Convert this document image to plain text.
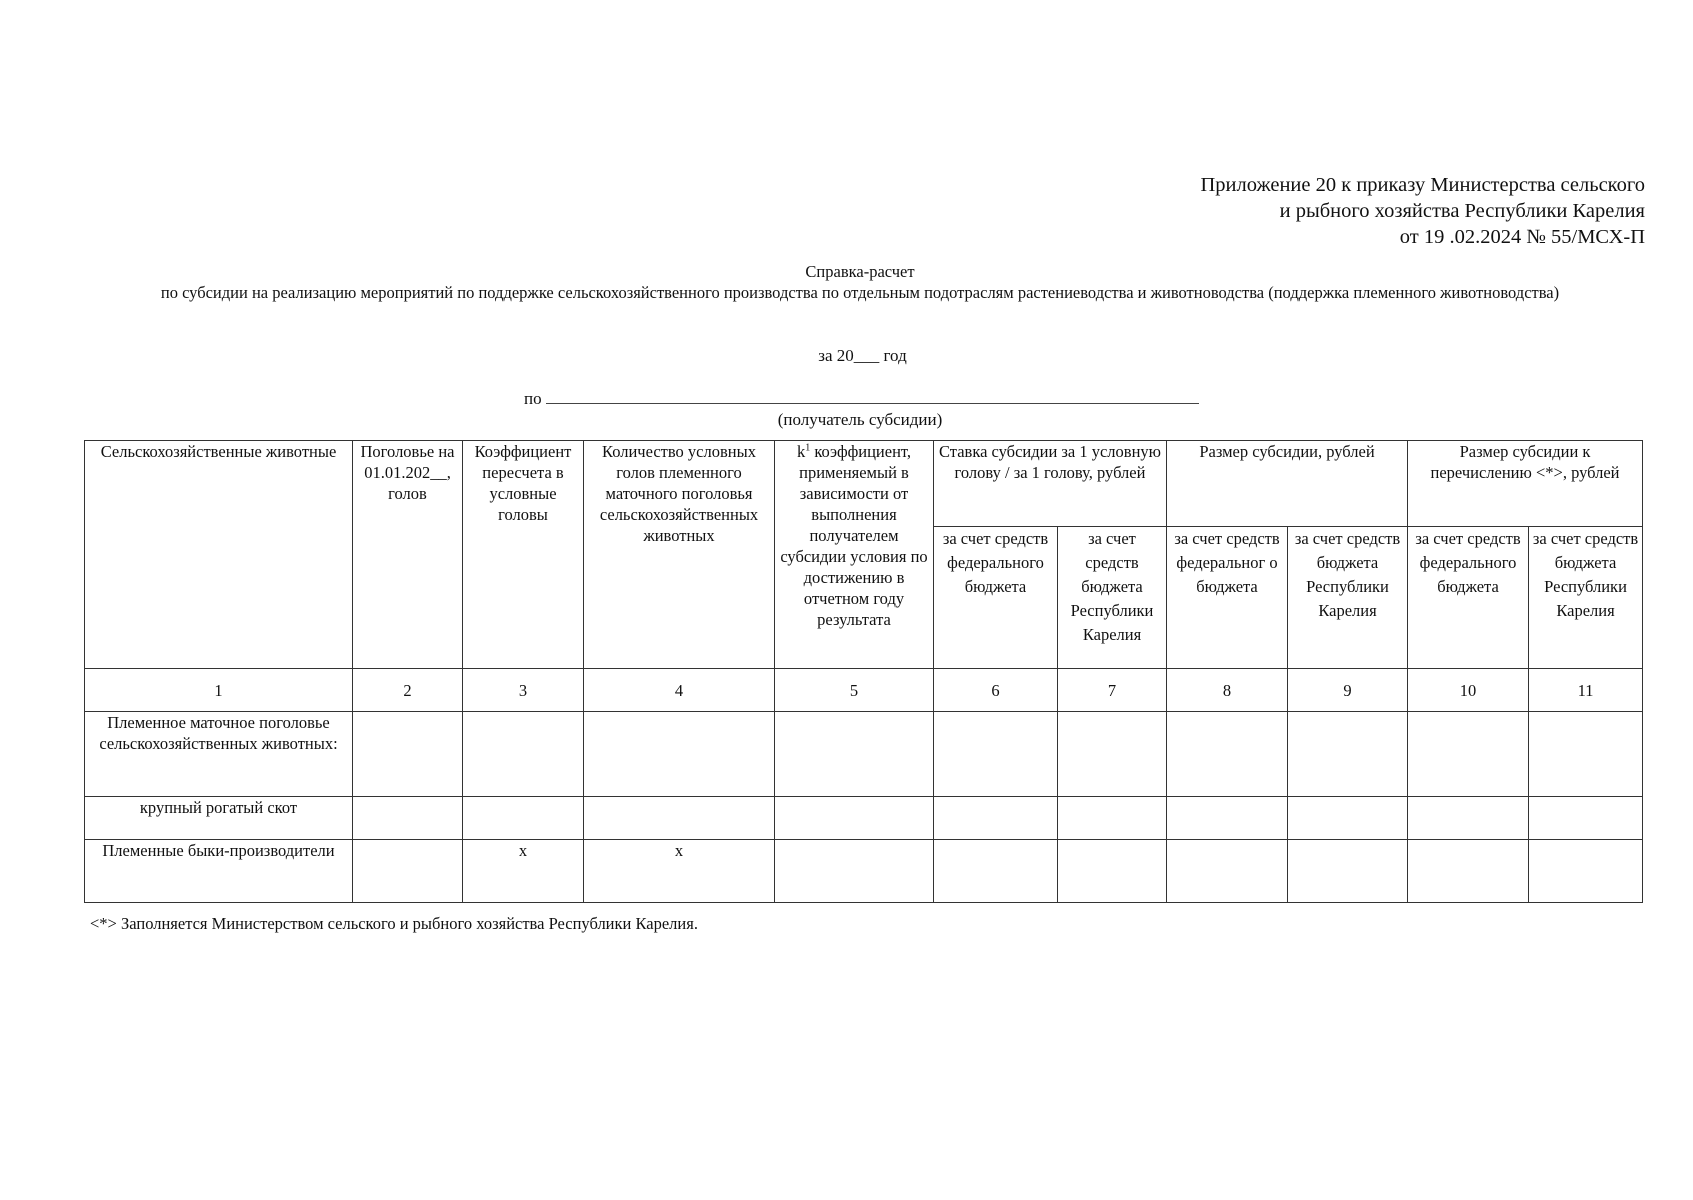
Приложение 20 к приказу Министерства сельского
и рыбного хозяйства Республики Карелия
от 19 .02.2024 № 55/МСХ-П
Справка-расчет
по субсидии на реализацию мероприятий по поддержке сельскохозяйственного производства по отдельным подотраслям растениеводства и животноводства (поддержка племенного животноводства)
за 20___ год
по
(получатель субсидии)
Сельскохозяйственные животные	Поголовье на 01.01.202__, голов	Коэффициент пересчета в условные головы	Количество условных голов племенного маточного поголовья сельскохозяйственных животных	$k^1$ коэффициент, применяемый в зависимости от выполнения получателем субсидии условия по достижению в отчетном году результата	Ставка субсидии за 1 условную голову / за 1 голову, рублей		Размер субсидии, рублей		Размер субсидии к перечислению <*>, рублей	
					за счет средств федерального бюджета	за счет средств бюджета Республики Карелия	за счет средств федеральног о бюджета	за счет средств бюджета Республики Карелия	за счет средств федерального бюджета	за счет средств бюджета Республики Карелия
1	2	3	4	5	6	7	8	9	10	11
Племенное маточное поголовье сельскохозяйственных животных:										
крупный рогатый скот										
Племенные быки-производители		x	x							
<*> Заполняется Министерством сельского и рыбного хозяйства Республики Карелия.
